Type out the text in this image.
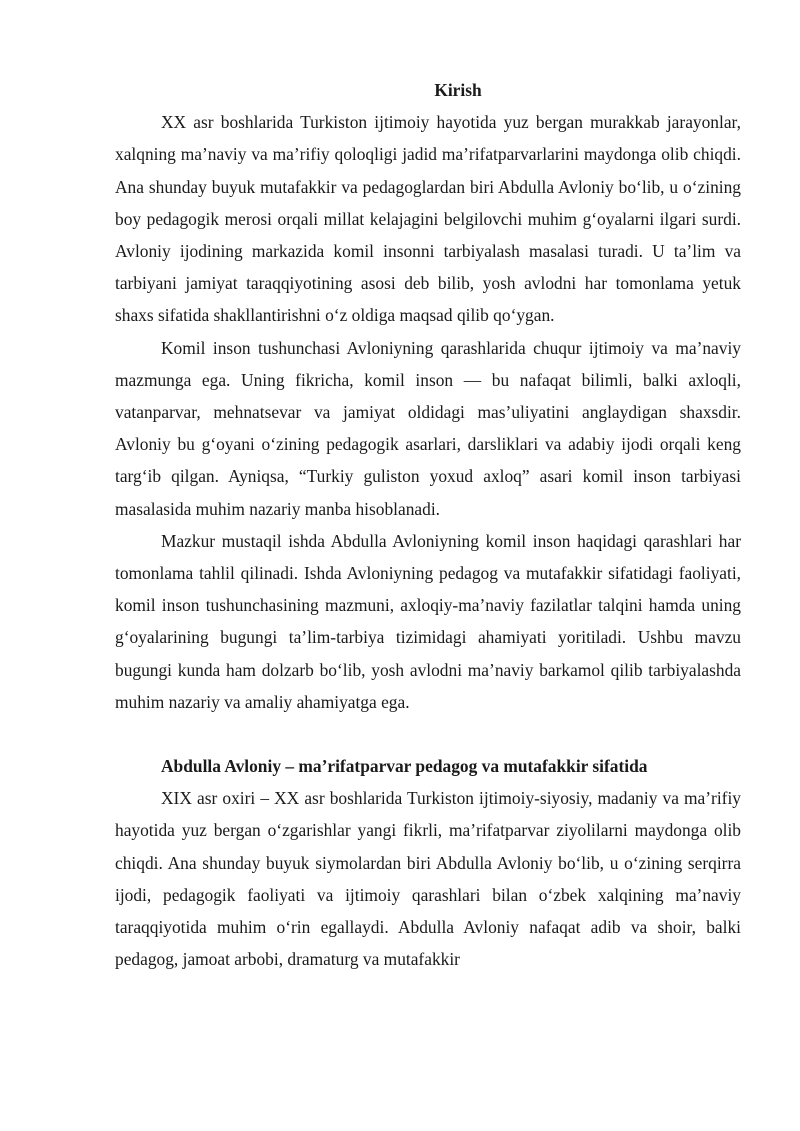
Kirish

XX asr boshlarida Turkiston ijtimoiy hayotida yuz bergan murakkab jarayonlar, xalqning ma’naviy va ma’rifiy qoloqligi jadid ma’rifatparvarlarini maydonga olib chiqdi. Ana shunday buyuk mutafakkir va pedagoglardan biri Abdulla Avloniy bo‘lib, u o‘zining boy pedagogik merosi orqali millat kelajagini belgilovchi muhim g‘oyalarni ilgari surdi. Avloniy ijodining markazida komil insonni tarbiyalash masalasi turadi. U ta’lim va tarbiyani jamiyat taraqqiyotining asosi deb bilib, yosh avlodni har tomonlama yetuk shaxs sifatida shakllantirishni o‘z oldiga maqsad qilib qo‘ygan.

Komil inson tushunchasi Avloniyning qarashlarida chuqur ijtimoiy va ma’naviy mazmunga ega. Uning fikricha, komil inson — bu nafaqat bilimli, balki axloqli, vatanparvar, mehnatsevar va jamiyat oldidagi mas’uliyatini anglaydigan shaxsdir. Avloniy bu g‘oyani o‘zining pedagogik asarlari, darsliklari va adabiy ijodi orqali keng targ‘ib qilgan. Ayniqsa, “Turkiy guliston yoxud axloq” asari komil inson tarbiyasi masalasida muhim nazariy manba hisoblanadi.

Mazkur mustaqil ishda Abdulla Avloniyning komil inson haqidagi qarashlari har tomonlama tahlil qilinadi. Ishda Avloniyning pedagog va mutafakkir sifatidagi faoliyati, komil inson tushunchasining mazmuni, axloqiy-ma’naviy fazilatlar talqini hamda uning g‘oyalarining bugungi ta’lim-tarbiya tizimidagi ahamiyati yoritiladi. Ushbu mavzu bugungi kunda ham dolzarb bo‘lib, yosh avlodni ma’naviy barkamol qilib tarbiyalashda muhim nazariy va amaliy ahamiyatga ega.

Abdulla Avloniy – ma’rifatparvar pedagog va mutafakkir sifatida

XIX asr oxiri – XX asr boshlarida Turkiston ijtimoiy-siyosiy, madaniy va ma’rifiy hayotida yuz bergan o‘zgarishlar yangi fikrli, ma’rifatparvar ziyolilarni maydonga olib chiqdi. Ana shunday buyuk siymolardan biri Abdulla Avloniy bo‘lib, u o‘zining serqirra ijodi, pedagogik faoliyati va ijtimoiy qarashlari bilan o‘zbek xalqining ma’naviy taraqqiyotida muhim o‘rin egallaydi. Abdulla Avloniy nafaqat adib va shoir, balki pedagog, jamoat arbobi, dramaturg va mutafakkir
